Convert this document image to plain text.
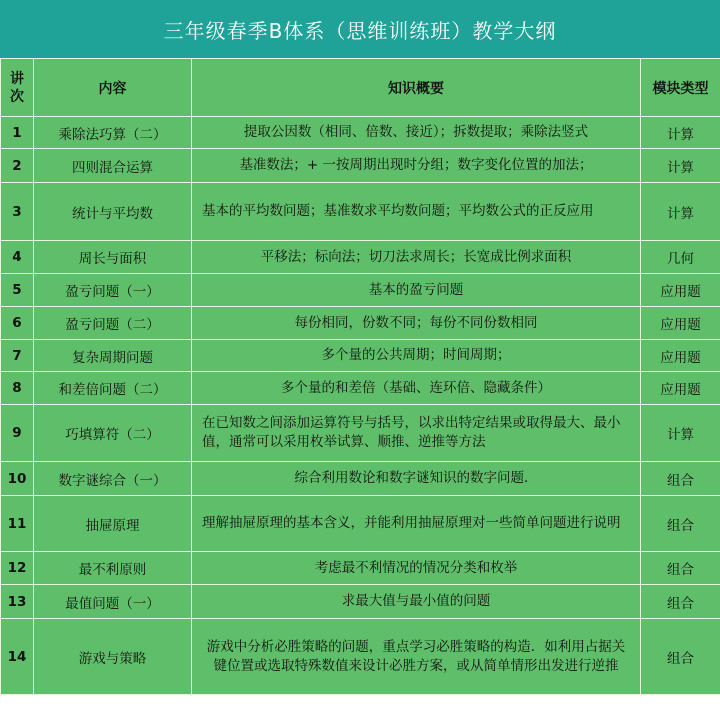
三年级春季B体系（思维训练班）教学大纲
讲
次	内容	知识概要	模块类型
1	乘除法巧算（二）	提取公因数（相同、倍数、接近）；拆数提取；乘除法竖式	计算
2	四则混合运算	基准数法；+ 一按周期出现时分组；数字变化位置的加法；	计算
3	统计与平均数	基本的平均数问题；基准数求平均数问题；平均数公式的正反应用	计算
4	周长与面积	平移法；标向法；切刀法求周长；长宽成比例求面积	几何
5	盈亏问题（一）	基本的盈亏问题	应用题
6	盈亏问题（二）	每份相同，份数不同；每份不同份数相同	应用题
7	复杂周期问题	多个量的公共周期；时间周期；	应用题
8	和差倍问题（二）	多个量的和差倍（基础、连环倍、隐藏条件）	应用题
9	巧填算符（二）	在已知数之间添加运算符号与括号，以求出特定结果或取得最大、最小值，通常可以采用枚举试算、顺推、逆推等方法	计算
10	数字谜综合（一）	综合利用数论和数字谜知识的数字问题．	组合
11	抽屉原理	理解抽屉原理的基本含义，并能利用抽屉原理对一些简单问题进行说明	组合
12	最不利原则	考虑最不利情况的情况分类和枚举	组合
13	最值问题（一）	求最大值与最小值的问题	组合
14	游戏与策略	游戏中分析必胜策略的问题，重点学习必胜策略的构造．如利用占据关键位置或选取特殊数值来设计必胜方案，或从简单情形出发进行逆推	组合
